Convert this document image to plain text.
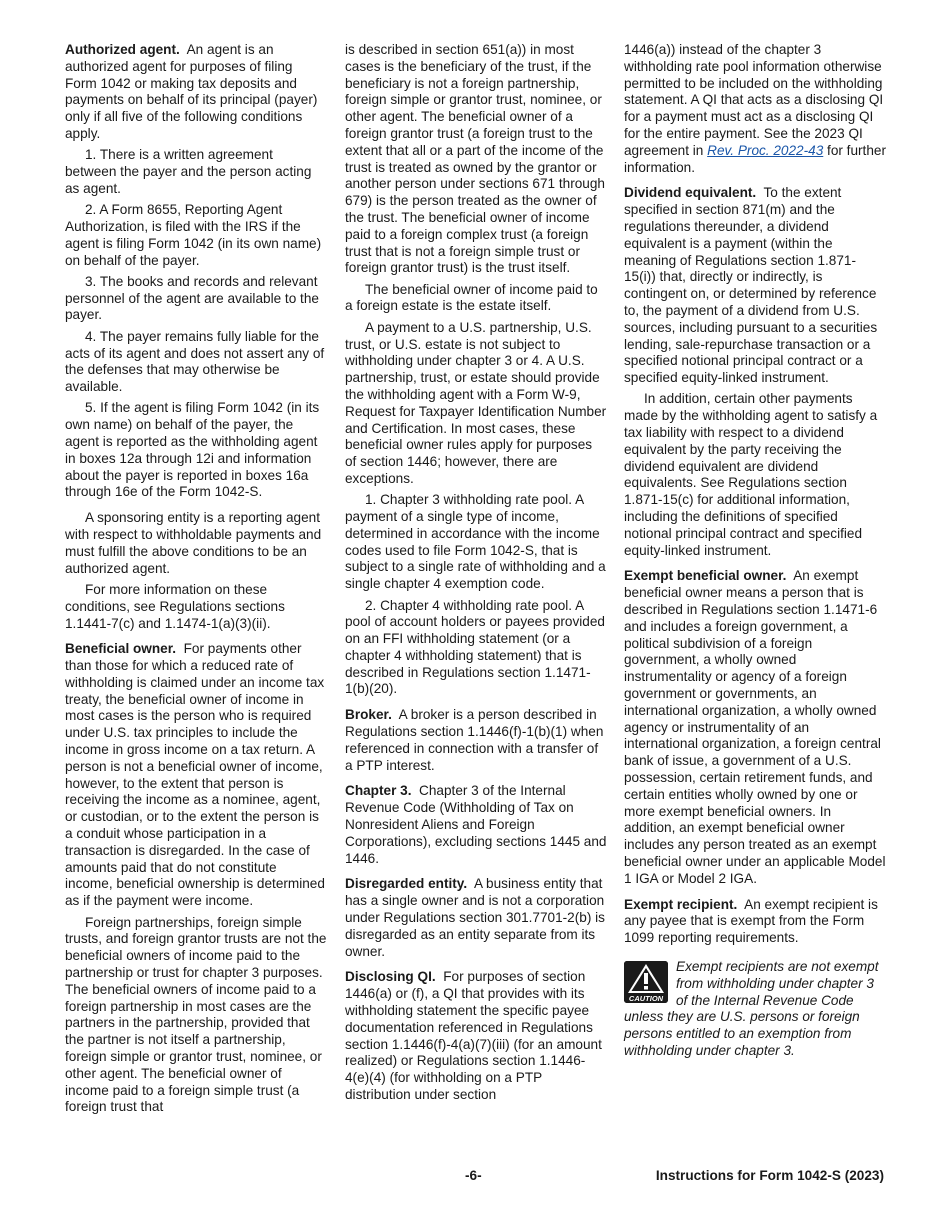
Authorized agent. An agent is an authorized agent for purposes of filing Form 1042 or making tax deposits and payments on behalf of its principal (payer) only if all five of the following conditions apply.

1. There is a written agreement between the payer and the person acting as agent.

2. A Form 8655, Reporting Agent Authorization, is filed with the IRS if the agent is filing Form 1042 (in its own name) on behalf of the payer.

3. The books and records and relevant personnel of the agent are available to the payer.

4. The payer remains fully liable for the acts of its agent and does not assert any of the defenses that may otherwise be available.

5. If the agent is filing Form 1042 (in its own name) on behalf of the payer, the agent is reported as the withholding agent in boxes 12a through 12i and information about the payer is reported in boxes 16a through 16e of the Form 1042-S.

A sponsoring entity is a reporting agent with respect to withholdable payments and must fulfill the above conditions to be an authorized agent.

For more information on these conditions, see Regulations sections 1.1441-7(c) and 1.1474-1(a)(3)(ii).

Beneficial owner. For payments other than those for which a reduced rate of withholding is claimed under an income tax treaty, the beneficial owner of income in most cases is the person who is required under U.S. tax principles to include the income in gross income on a tax return. A person is not a beneficial owner of income, however, to the extent that person is receiving the income as a nominee, agent, or custodian, or to the extent the person is a conduit whose participation in a transaction is disregarded. In the case of amounts paid that do not constitute income, beneficial ownership is determined as if the payment were income.

Foreign partnerships, foreign simple trusts, and foreign grantor trusts are not the beneficial owners of income paid to the partnership or trust for chapter 3 purposes. The beneficial owners of income paid to a foreign partnership in most cases are the partners in the partnership, provided that the partner is not itself a partnership, foreign simple or grantor trust, nominee, or other agent. The beneficial owner of income paid to a foreign simple trust (a foreign trust that

is described in section 651(a)) in most cases is the beneficiary of the trust, if the beneficiary is not a foreign partnership, foreign simple or grantor trust, nominee, or other agent. The beneficial owner of a foreign grantor trust (a foreign trust to the extent that all or a part of the income of the trust is treated as owned by the grantor or another person under sections 671 through 679) is the person treated as the owner of the trust. The beneficial owner of income paid to a foreign complex trust (a foreign trust that is not a foreign simple trust or foreign grantor trust) is the trust itself.

The beneficial owner of income paid to a foreign estate is the estate itself.

A payment to a U.S. partnership, U.S. trust, or U.S. estate is not subject to withholding under chapter 3 or 4. A U.S. partnership, trust, or estate should provide the withholding agent with a Form W-9, Request for Taxpayer Identification Number and Certification. In most cases, these beneficial owner rules apply for purposes of section 1446; however, there are exceptions.

1. Chapter 3 withholding rate pool. A payment of a single type of income, determined in accordance with the income codes used to file Form 1042-S, that is subject to a single rate of withholding and a single chapter 4 exemption code.

2. Chapter 4 withholding rate pool. A pool of account holders or payees provided on an FFI withholding statement (or a chapter 4 withholding statement) that is described in Regulations section 1.1471-1(b)(20).

Broker. A broker is a person described in Regulations section 1.1446(f)-1(b)(1) when referenced in connection with a transfer of a PTP interest.

Chapter 3. Chapter 3 of the Internal Revenue Code (Withholding of Tax on Nonresident Aliens and Foreign Corporations), excluding sections 1445 and 1446.

Disregarded entity. A business entity that has a single owner and is not a corporation under Regulations section 301.7701-2(b) is disregarded as an entity separate from its owner.

Disclosing QI. For purposes of section 1446(a) or (f), a QI that provides with its withholding statement the specific payee documentation referenced in Regulations section 1.1446(f)-4(a)(7)(iii) (for an amount realized) or Regulations section 1.1446-4(e)(4) (for withholding on a PTP distribution under section

1446(a)) instead of the chapter 3 withholding rate pool information otherwise permitted to be included on the withholding statement. A QI that acts as a disclosing QI for a payment must act as a disclosing QI for the entire payment. See the 2023 QI agreement in Rev. Proc. 2022-43 for further information.

Dividend equivalent. To the extent specified in section 871(m) and the regulations thereunder, a dividend equivalent is a payment (within the meaning of Regulations section 1.871-15(i)) that, directly or indirectly, is contingent on, or determined by reference to, the payment of a dividend from U.S. sources, including pursuant to a securities lending, sale-repurchase transaction or a specified notional principal contract or a specified equity-linked instrument.

In addition, certain other payments made by the withholding agent to satisfy a tax liability with respect to a dividend equivalent by the party receiving the dividend equivalent are dividend equivalents. See Regulations section 1.871-15(c) for additional information, including the definitions of specified notional principal contract and specified equity-linked instrument.

Exempt beneficial owner. An exempt beneficial owner means a person that is described in Regulations section 1.1471-6 and includes a foreign government, a political subdivision of a foreign government, a wholly owned instrumentality or agency of a foreign government or governments, an international organization, a wholly owned agency or instrumentality of an international organization, a foreign central bank of issue, a government of a U.S. possession, certain retirement funds, and certain entities wholly owned by one or more exempt beneficial owners. In addition, an exempt beneficial owner includes any person treated as an exempt beneficial owner under an applicable Model 1 IGA or Model 2 IGA.

Exempt recipient. An exempt recipient is any payee that is exempt from the Form 1099 reporting requirements.

CAUTION
Exempt recipients are not exempt from withholding under chapter 3 of the Internal Revenue Code unless they are U.S. persons or foreign persons entitled to an exemption from withholding under chapter 3.
-6-	Instructions for Form 1042-S (2023)
